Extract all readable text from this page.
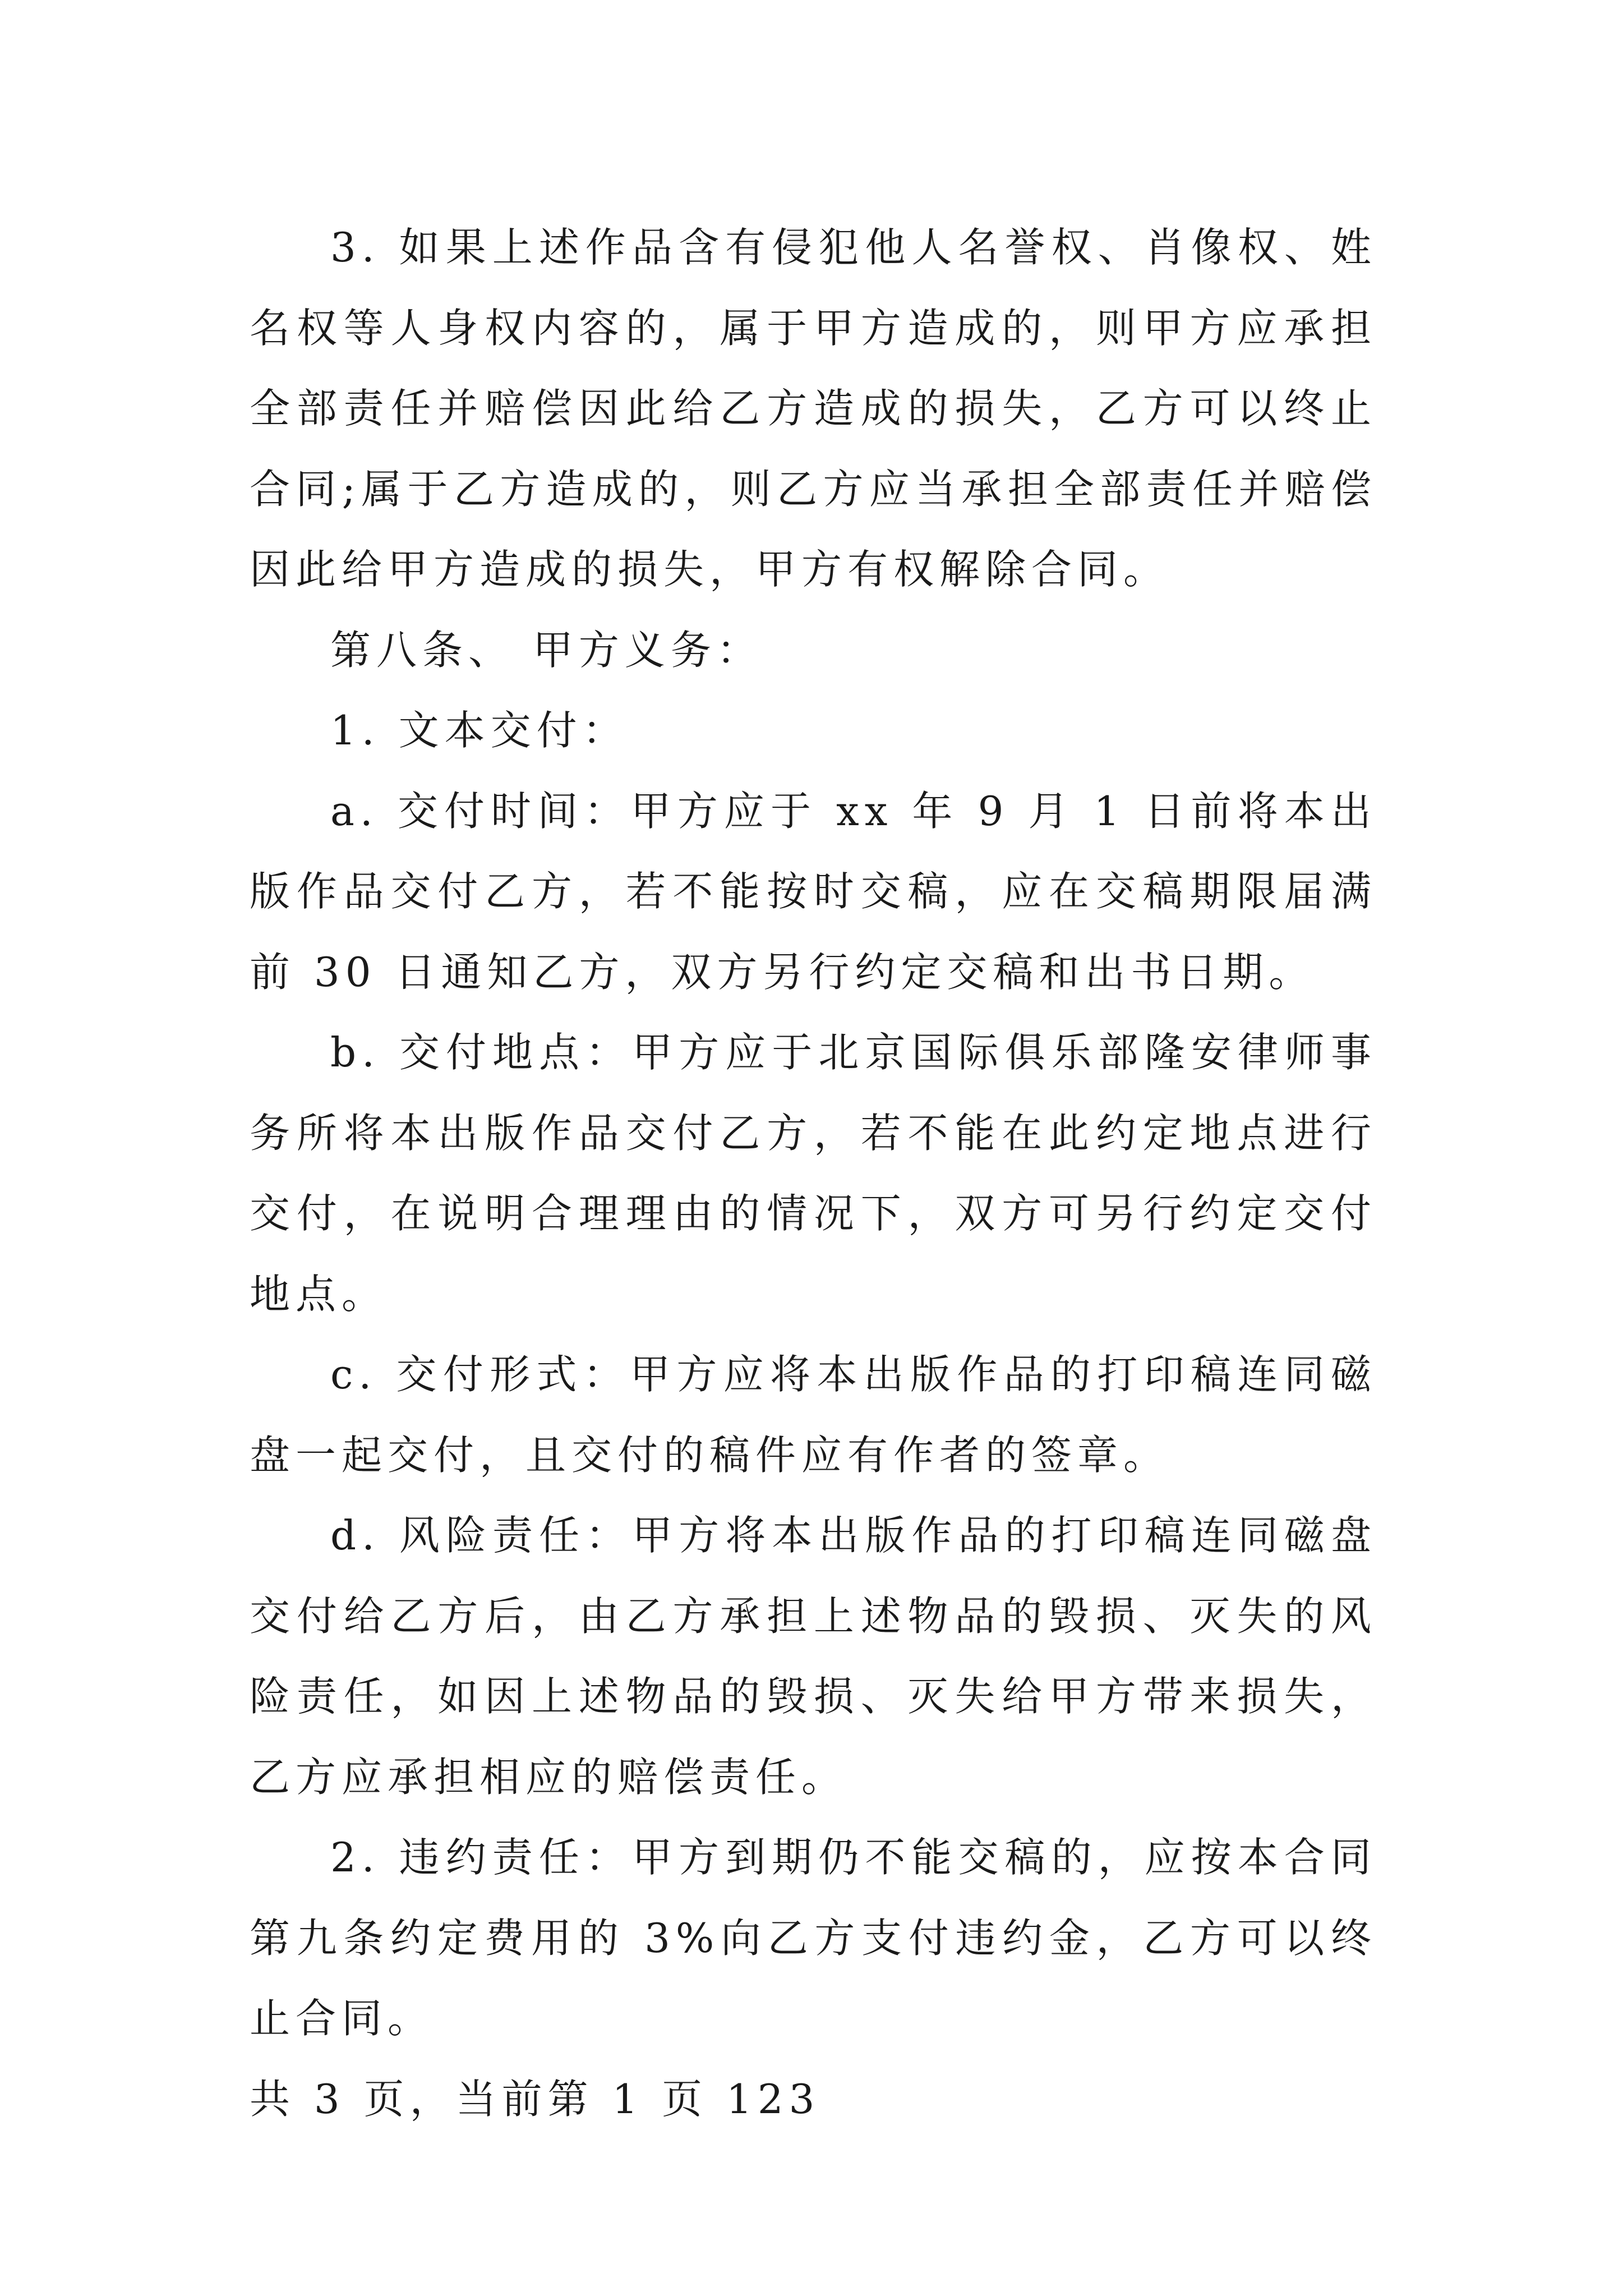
3. 如果上述作品含有侵犯他人名誉权、肖像权、姓名权等人身权内容的，属于甲方造成的，则甲方应承担全部责任并赔偿因此给乙方造成的损失，乙方可以终止合同;属于乙方造成的，则乙方应当承担全部责任并赔偿因此给甲方造成的损失，甲方有权解除合同。

第八条、 甲方义务：

1. 文本交付：

a. 交付时间：甲方应于 xx 年 9 月 1 日前将本出版作品交付乙方，若不能按时交稿，应在交稿期限届满前 30 日通知乙方，双方另行约定交稿和出书日期。

b. 交付地点：甲方应于北京国际俱乐部隆安律师事务所将本出版作品交付乙方，若不能在此约定地点进行交付，在说明合理理由的情况下，双方可另行约定交付地点。

c. 交付形式：甲方应将本出版作品的打印稿连同磁盘一起交付，且交付的稿件应有作者的签章。

d. 风险责任：甲方将本出版作品的打印稿连同磁盘交付给乙方后，由乙方承担上述物品的毁损、灭失的风险责任，如因上述物品的毁损、灭失给甲方带来损失，乙方应承担相应的赔偿责任。

2. 违约责任：甲方到期仍不能交稿的，应按本合同第九条约定费用的 3%向乙方支付违约金，乙方可以终止合同。

共 3 页，当前第 1 页 123
